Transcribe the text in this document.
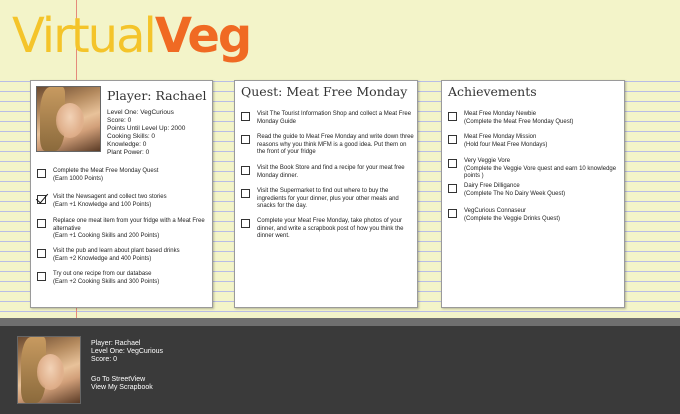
VirtualVeg
Player: Rachael
Level One: VegCurious
Score: 0
Points Until Level Up: 2000
Cooking Skills: 0
Knowledge: 0
Plant Power: 0
Complete the Meat Free Monday Quest
(Earn 1000 Points)
Visit the Newsagent and collect two stories
(Earn +1 Knowledge and 100 Points)
Replace one meat item from your fridge with a Meat Free
alternative
(Earn +1 Cooking Skills and 200 Points)
Visit the pub and learn about plant based drinks
(Earn +2 Knowledge and 400 Points)
Try out one recipe from our database
(Earn +2 Cooking Skills and 300 Points)
Quest: Meat Free Monday
Visit The Tourist Information Shop and collect a Meat Free
Monday Guide
Read the guide to Meat Free Monday and write down three
reasons why you think MFM is a good idea. Put them on
the front of your fridge
Visit the Book Store and find a recipe for your meat free
Monday dinner.
Visit the Supermarket to find out where to buy the
ingredients for your dinner, plus your other meals and
snacks for the day.
Complete your Meat Free Monday, take photos of your
dinner, and write a scrapbook post of how you think the
dinner went.
Achievements
Meat Free Monday Newbie
(Complete the Meat Free Monday Quest)
Meat Free Monday Mission
(Hold four Meat Free Mondays)
Very Veggie Vore
(Complete the Veggie Vore quest and earn 10 knowledge
points )
Dairy Free Dilligance
(Complete The No Dairy Week Quest)
VegCurious Connaseur
(Complete the Veggie Drinks Quest)
Player: Rachael
Level One: VegCurious
Score: 0
Go To StreetView
View My Scrapbook
